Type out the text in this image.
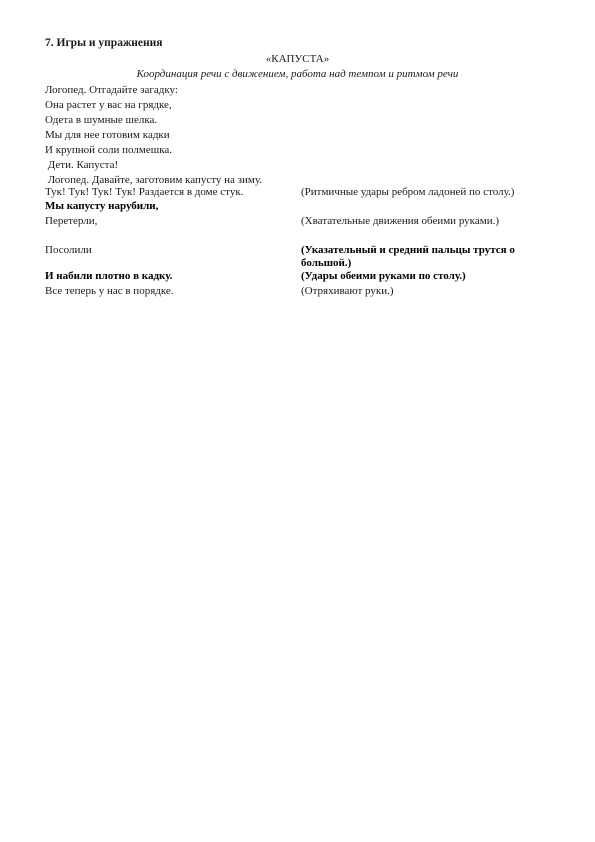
7. Игры и упражнения
«КАПУСТА»
Координация речи с движением, работа над темпом и ритмом речи
Логопед. Отгадайте загадку:
Она растет у вас на грядке,
Одета в шумные шелка.
Мы для нее готовим кадки
И крупной соли полмешка.
Дети. Капуста!
Логопед. Давайте, заготовим капусту на зиму.
Тук! Тук! Тук! Тук! Раздается в доме стук.	(Ритмичные удары ребром ладоней по столу.)
Мы капусту нарубили,
Перетерли,	(Хватательные движения обеими руками.)
Посолили	(Указательный и средний пальцы трутся о большой.)
И набили плотно в кадку.	(Удары обеими руками по столу.)
Все теперь у нас в порядке.	(Отряхивают руки.)
